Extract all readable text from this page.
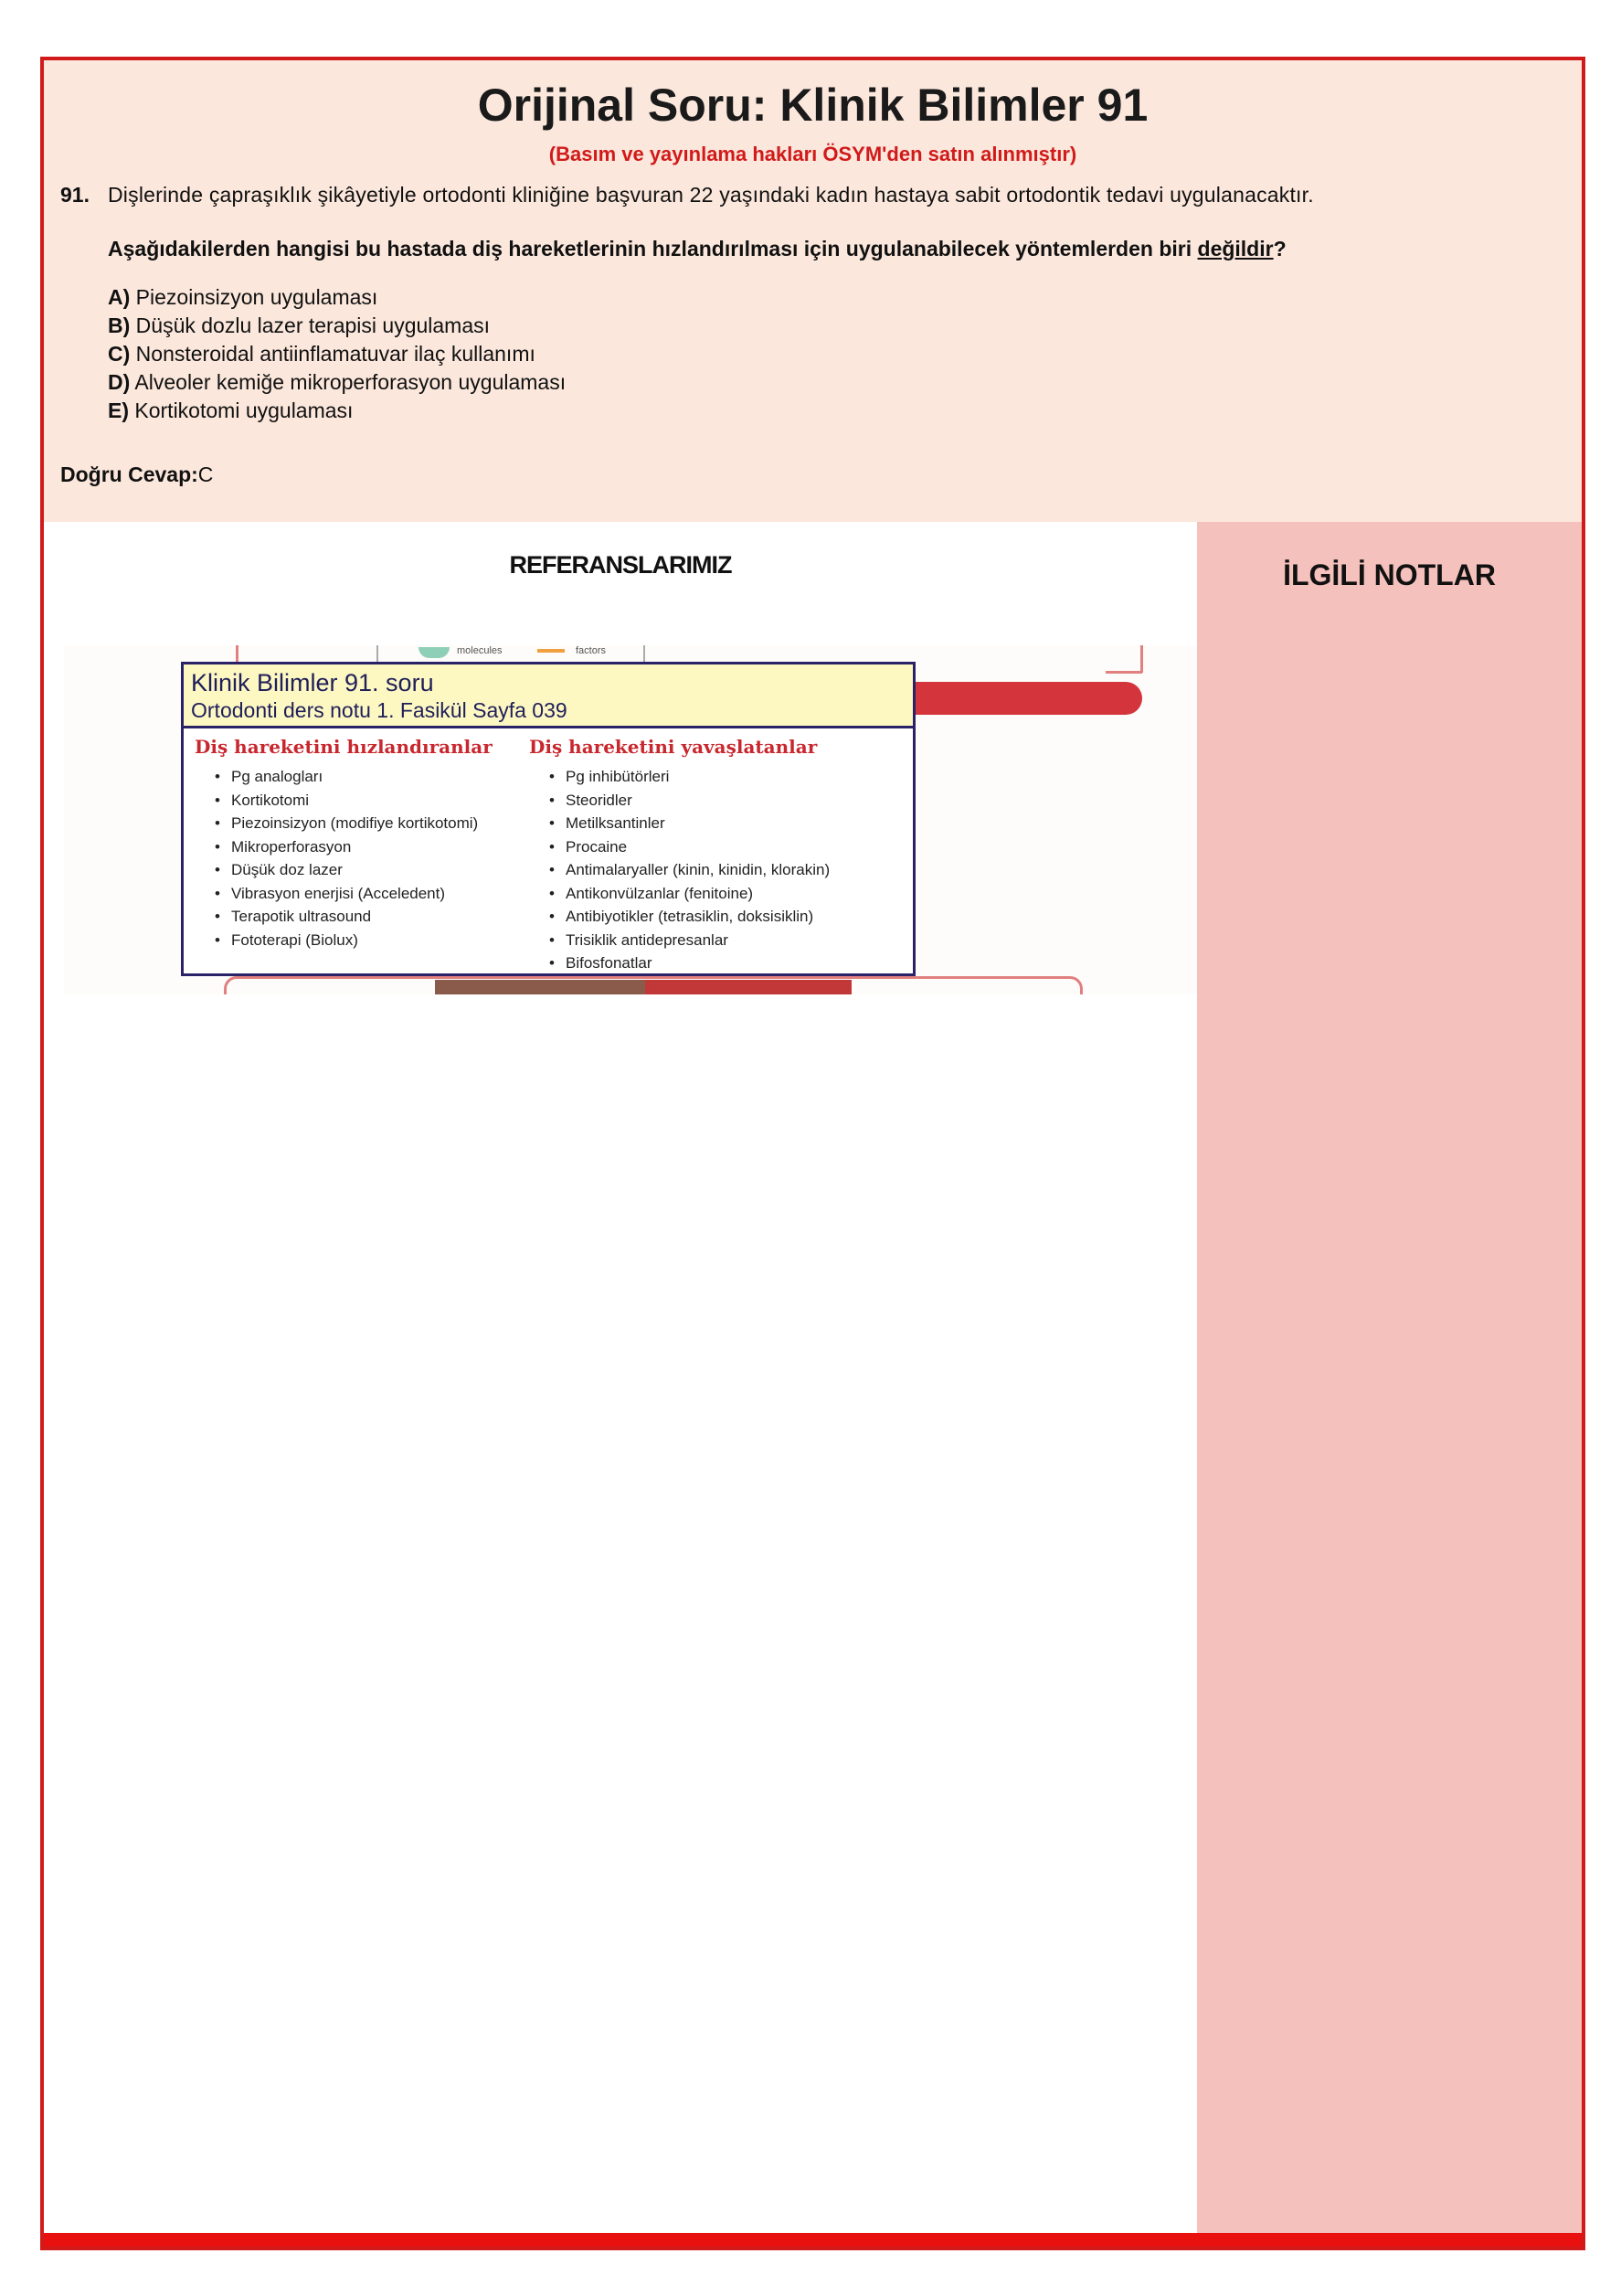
Orijinal Soru: Klinik Bilimler 91
(Basım ve yayınlama hakları ÖSYM'den satın alınmıştır)
91. Dişlerinde çapraşıklık şikâyetiyle ortodonti kliniğine başvuran 22 yaşındaki kadın hastaya sabit ortodontik tedavi uygulanacaktır.
Aşağıdakilerden hangisi bu hastada diş hareketlerinin hızlandırılması için uygulanabilecek yöntemlerden biri değildir?
A) Piezoinsizyon uygulaması
B) Düşük dozlu lazer terapisi uygulaması
C) Nonsteroidal antiinflamatuvar ilaç kullanımı
D) Alveoler kemiğe mikroperforasyon uygulaması
E) Kortikotomi uygulaması
Doğru Cevap:C
REFERANSLARIMIZ
molecules	factors
Klinik Bilimler 91. soru
Ortodonti ders notu 1. Fasikül Sayfa 039
Diş hareketini hızlandıranlar
• Pg analogları
• Kortikotomi
• Piezoinsizyon (modifiye kortikotomi)
• Mikroperforasyon
• Düşük doz lazer
• Vibrasyon enerjisi (Acceledent)
• Terapotik ultrasound
• Fototerapi (Biolux)
Diş hareketini yavaşlatanlar
• Pg inhibütörleri
• Steoridler
• Metilksantinler
• Procaine
• Antimalaryaller (kinin, kinidin, klorakin)
• Antikonvülzanlar (fenitoine)
• Antibiyotikler (tetrasiklin, doksisiklin)
• Trisiklik antidepresanlar
• Bifosfonatlar
İLGİLİ NOTLAR
